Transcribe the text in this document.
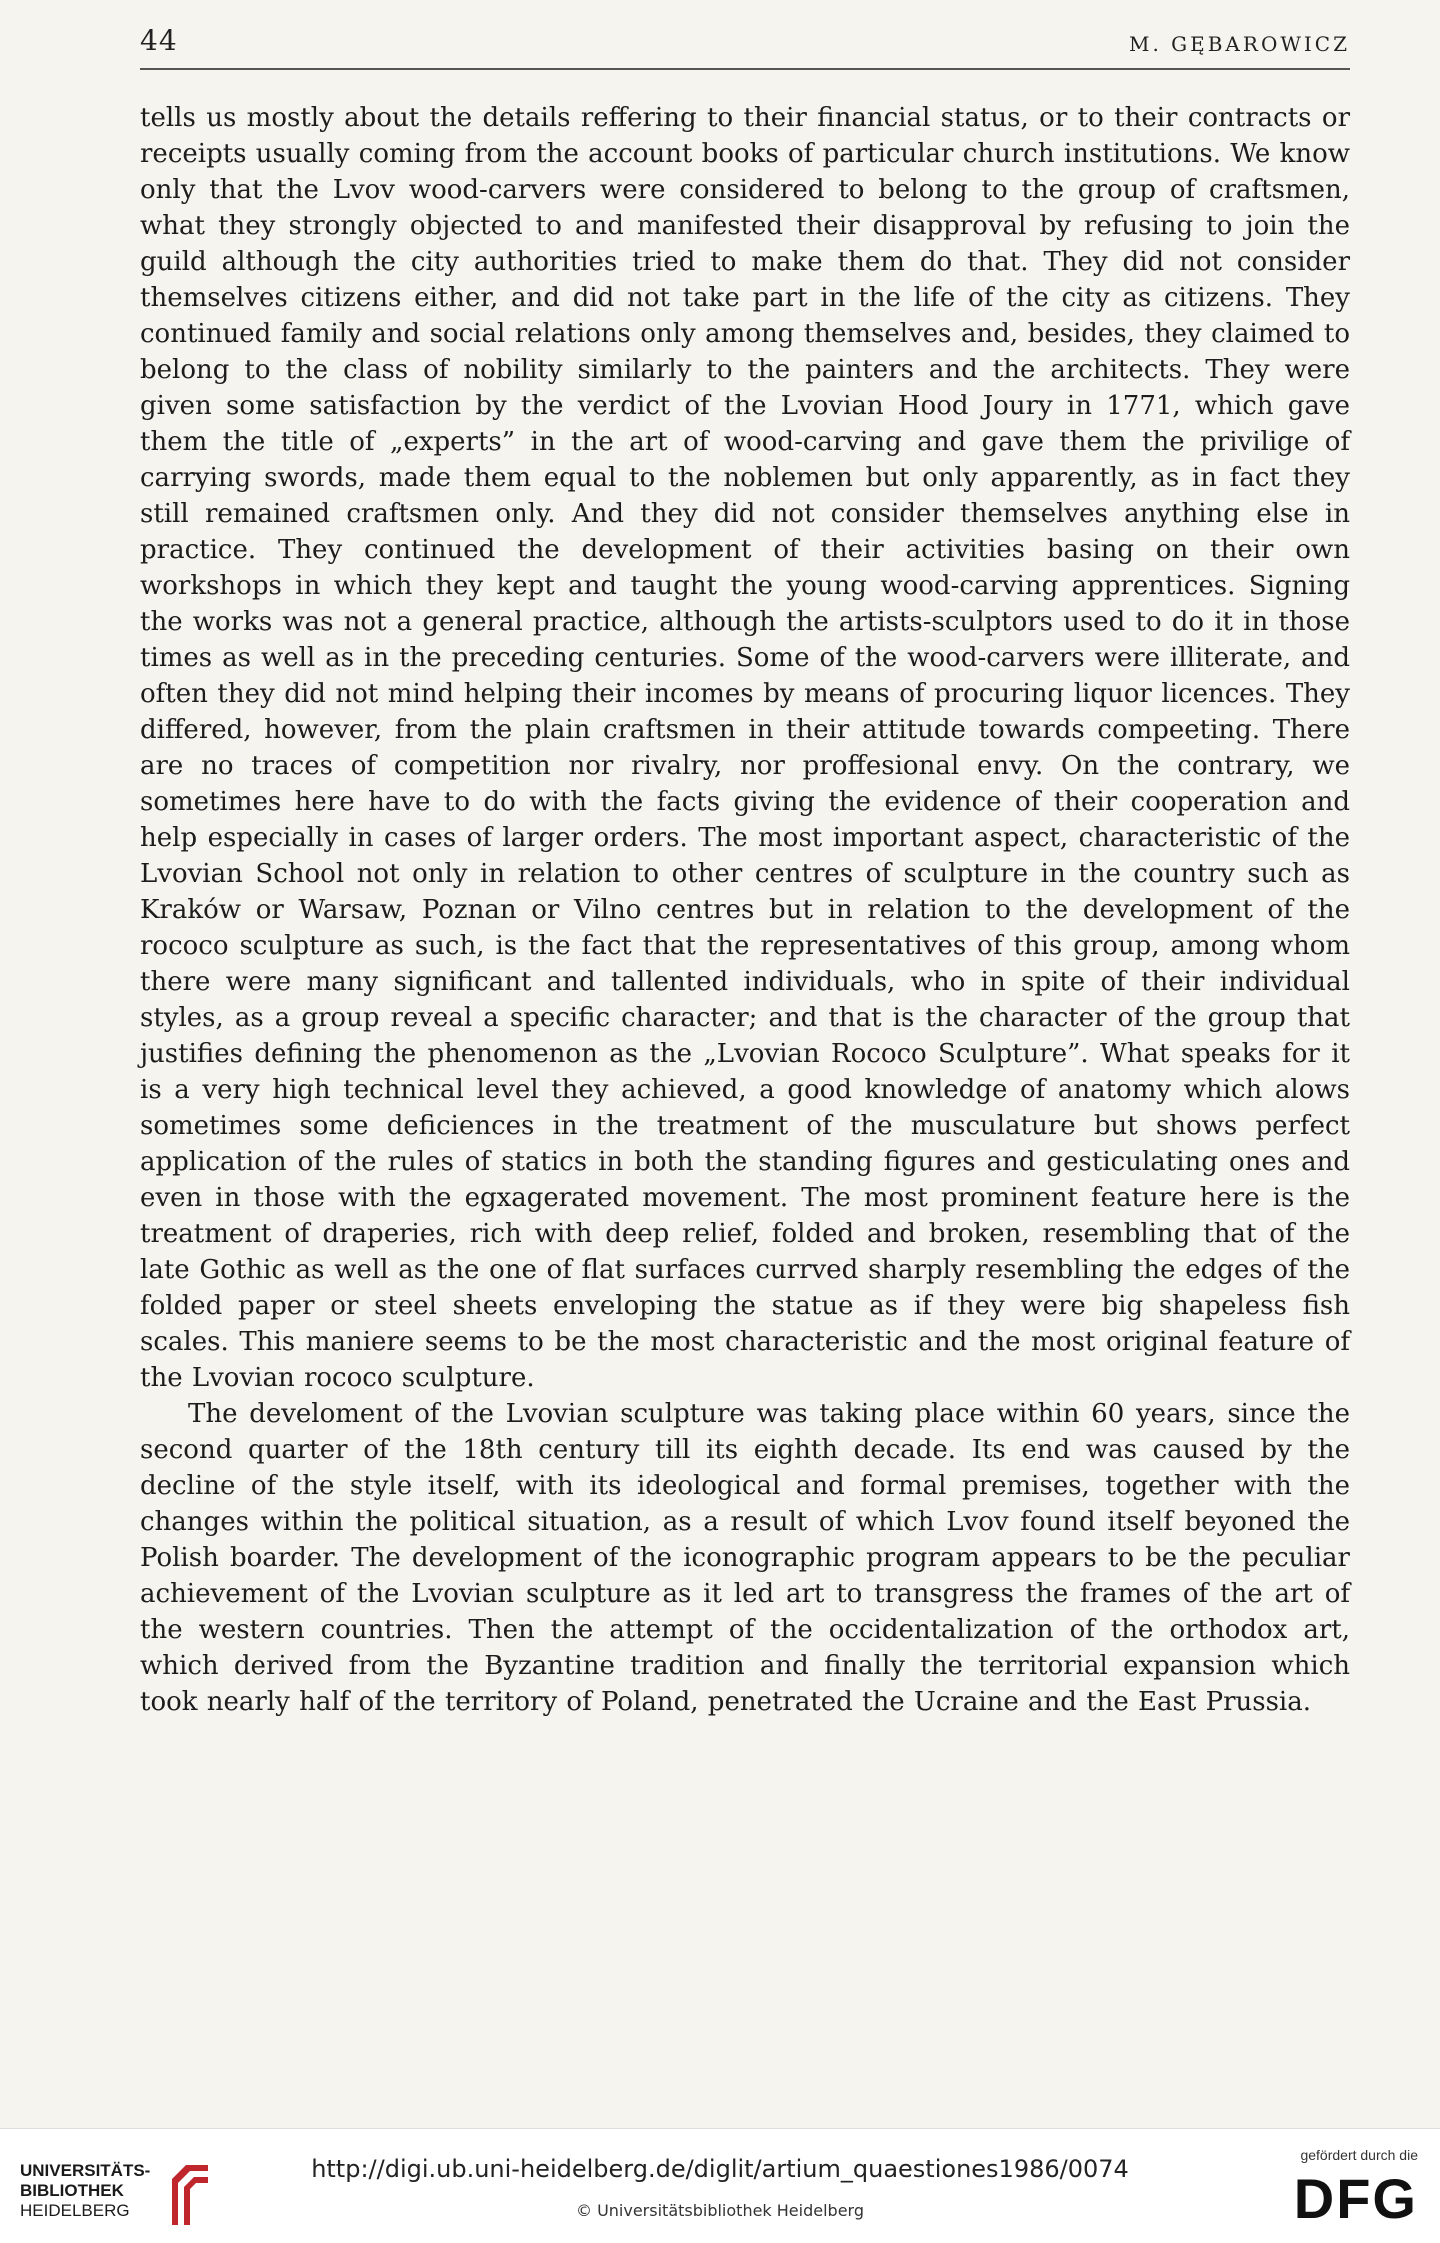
44	M. GĘBAROWICZ

tells us mostly about the details reffering to their financial status, or to their contracts or receipts usually coming from the account books of particular church institutions. We know only that the Lvov wood-carvers were considered to belong to the group of craftsmen, what they strongly objected to and manifested their disapproval by refusing to join the guild although the city authorities tried to make them do that. They did not consider themselves citizens either, and did not take part in the life of the city as citizens. They continued family and social relations only among themselves and, besides, they claimed to belong to the class of nobility similarly to the painters and the architects. They were given some satisfaction by the verdict of the Lvovian Hood Joury in 1771, which gave them the title of „experts” in the art of wood-carving and gave them the privilige of carrying swords, made them equal to the noblemen but only apparently, as in fact they still remained craftsmen only. And they did not consider themselves anything else in practice. They continued the development of their activities basing on their own workshops in which they kept and taught the young wood-carving apprentices. Signing the works was not a general practice, although the artists-sculptors used to do it in those times as well as in the preceding centuries. Some of the wood-carvers were illiterate, and often they did not mind helping their incomes by means of procuring liquor licences. They differed, however, from the plain craftsmen in their attitude towards compeeting. There are no traces of competition nor rivalry, nor proffesional envy. On the contrary, we sometimes here have to do with the facts giving the evidence of their cooperation and help especially in cases of larger orders. The most important aspect, characteristic of the Lvovian School not only in relation to other centres of sculpture in the country such as Kraków or Warsaw, Poznan or Vilno centres but in relation to the development of the rococo sculpture as such, is the fact that the representatives of this group, among whom there were many significant and tallented individuals, who in spite of their individual styles, as a group reveal a specific character; and that is the character of the group that justifies defining the phenomenon as the „Lvovian Rococo Sculpture”. What speaks for it is a very high technical level they achieved, a good knowledge of anatomy which alows sometimes some deficiences in the treatment of the musculature but shows perfect application of the rules of statics in both the standing figures and gesticulating ones and even in those with the egxagerated movement. The most prominent feature here is the treatment of draperies, rich with deep relief, folded and broken, resembling that of the late Gothic as well as the one of flat surfaces currved sharply resembling the edges of the folded paper or steel sheets enveloping the statue as if they were big shapeless fish scales. This maniere seems to be the most characteristic and the most original feature of the Lvovian rococo sculpture.

The develoment of the Lvovian sculpture was taking place within 60 years, since the second quarter of the 18th century till its eighth decade. Its end was caused by the decline of the style itself, with its ideological and formal premises, together with the changes within the political situation, as a result of which Lvov found itself beyoned the Polish boarder. The development of the iconographic program appears to be the peculiar achievement of the Lvovian sculpture as it led art to transgress the frames of the art of the western countries. Then the attempt of the occidentalization of the orthodox art, which derived from the Byzantine tradition and finally the territorial expansion which took nearly half of the territory of Poland, penetrated the Ucraine and the East Prussia.

UNIVERSITÄTS-
BIBLIOTHEK
HEIDELBERG
http://digi.ub.uni-heidelberg.de/diglit/artium_quaestiones1986/0074
© Universitätsbibliothek Heidelberg
gefördert durch die
DFG
